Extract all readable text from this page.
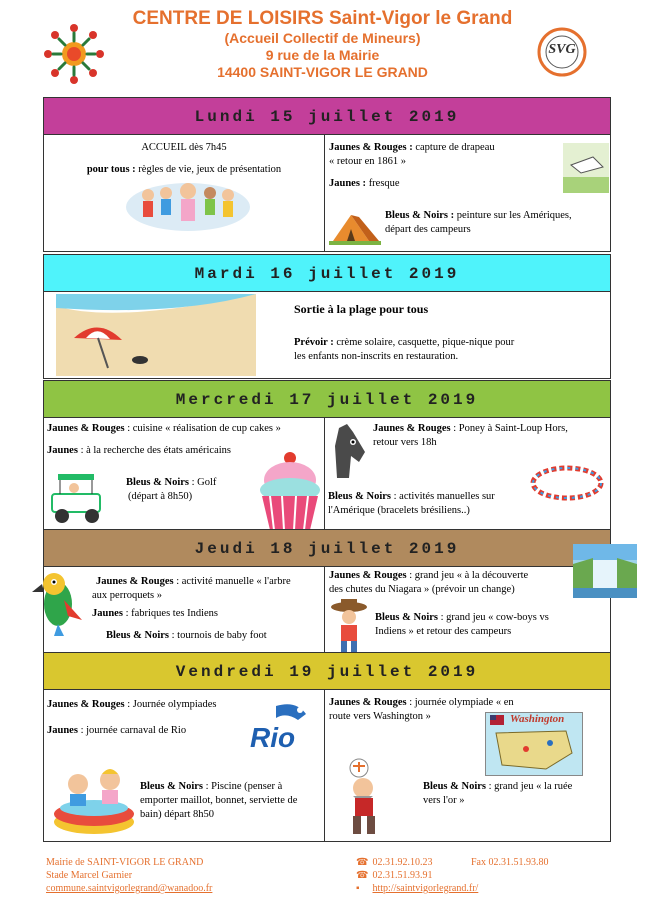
CENTRE DE LOISIRS Saint-Vigor le Grand
(Accueil Collectif de Mineurs)
9 rue de la Mairie
14400 SAINT-VIGOR LE GRAND
SVG
Lundi 15 juillet 2019
ACCUEIL dès 7h45
pour tous : règles de vie, jeux de présentation
Jaunes & Rouges : capture de drapeau
« retour en 1861 »
Jaunes : fresque
Bleus & Noirs : peinture sur les Amériques,
départ des campeurs
Mardi 16 juillet 2019
Sortie à la plage pour tous
Prévoir : crème solaire, casquette, pique-nique pour
les enfants non-inscrits en restauration.
Mercredi 17 juillet 2019
Jaunes & Rouges : cuisine « réalisation de cup cakes »
Jaunes : à la recherche des états américains
Bleus & Noirs : Golf
(départ à 8h50)
Jaunes & Rouges : Poney à Saint-Loup Hors,
retour vers 18h
Bleus & Noirs : activités manuelles sur
l'Amérique (bracelets brésiliens..)
Jeudi 18 juillet 2019
Jaunes & Rouges : activité manuelle « l'arbre
aux perroquets »
Jaunes : fabriques tes Indiens
Bleus & Noirs : tournois de baby foot
Jaunes & Rouges : grand jeu « à la découverte
des chutes du Niagara » (prévoir un change)
Bleus & Noirs : grand jeu « cow-boys vs
Indiens » et retour des campeurs
Vendredi 19 juillet 2019
Jaunes & Rouges : Journée olympiades
Jaunes : journée carnaval de Rio
Bleus & Noirs : Piscine (penser à
emporter maillot, bonnet, serviette de
bain) départ 8h50
Rio
Jaunes & Rouges : journée olympiade « en
route vers Washington »
Bleus & Noirs : grand jeu « la ruée
vers l'or »
Washington
Mairie de SAINT-VIGOR LE GRAND
Stade Marcel Garnier
commune.saintvigorlegrand@wanadoo.fr
☎ 02.31.92.10.23	Fax 02.31.51.93.80
☎ 02.31.51.93.91
▪ http://saintvigorlegrand.fr/
